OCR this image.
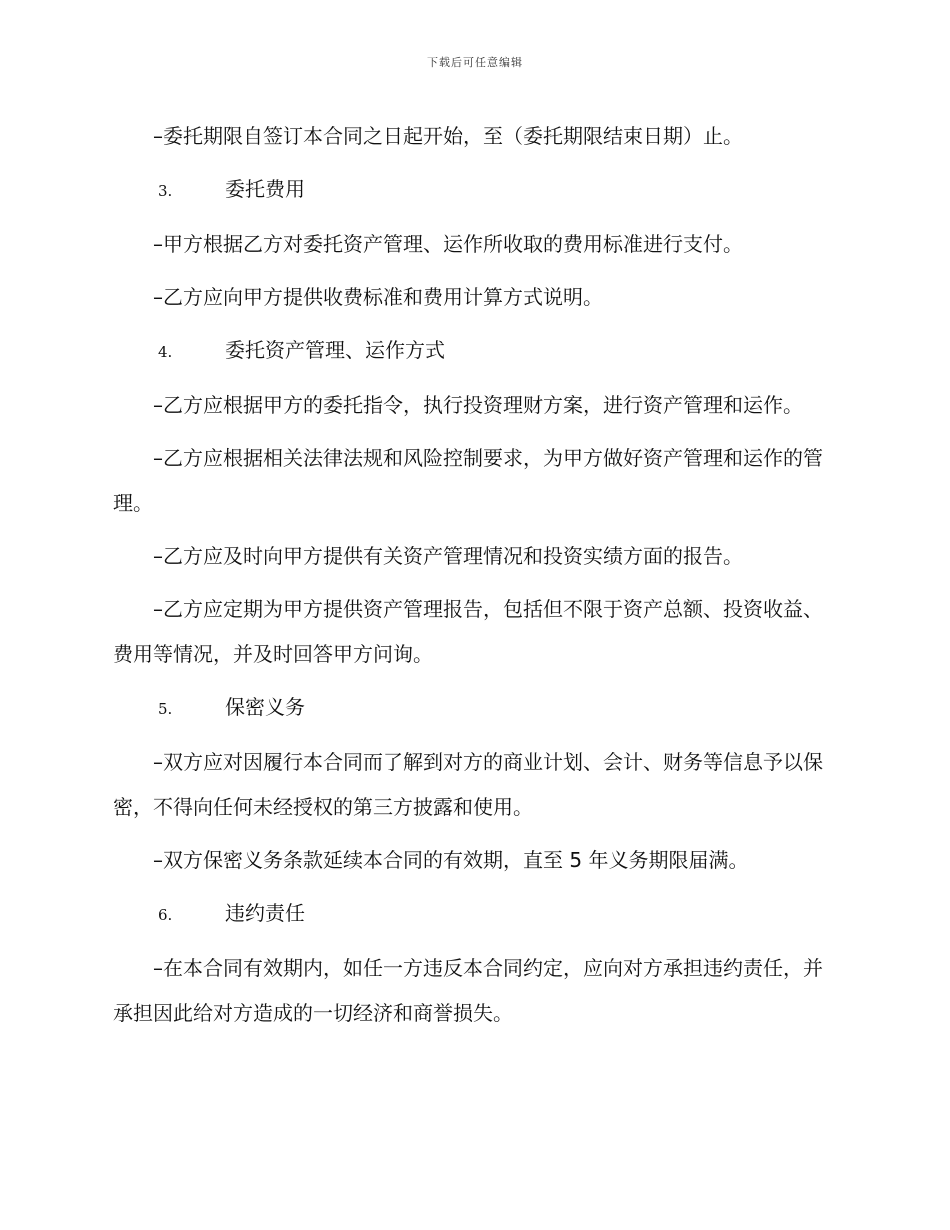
下载后可任意编辑

–委托期限自签订本合同之日起开始，至（委托期限结束日期）止。

3.	委托费用

–甲方根据乙方对委托资产管理、运作所收取的费用标准进行支付。

–乙方应向甲方提供收费标准和费用计算方式说明。

4.	委托资产管理、运作方式

–乙方应根据甲方的委托指令，执行投资理财方案，进行资产管理和运作。

–乙方应根据相关法律法规和风险控制要求，为甲方做好资产管理和运作的管理。

–乙方应及时向甲方提供有关资产管理情况和投资实绩方面的报告。

–乙方应定期为甲方提供资产管理报告，包括但不限于资产总额、投资收益、费用等情况，并及时回答甲方问询。

5.	保密义务

–双方应对因履行本合同而了解到对方的商业计划、会计、财务等信息予以保密，不得向任何未经授权的第三方披露和使用。

–双方保密义务条款延续本合同的有效期，直至 5 年义务期限届满。

6.	违约责任

–在本合同有效期内，如任一方违反本合同约定，应向对方承担违约责任，并承担因此给对方造成的一切经济和商誉损失。
